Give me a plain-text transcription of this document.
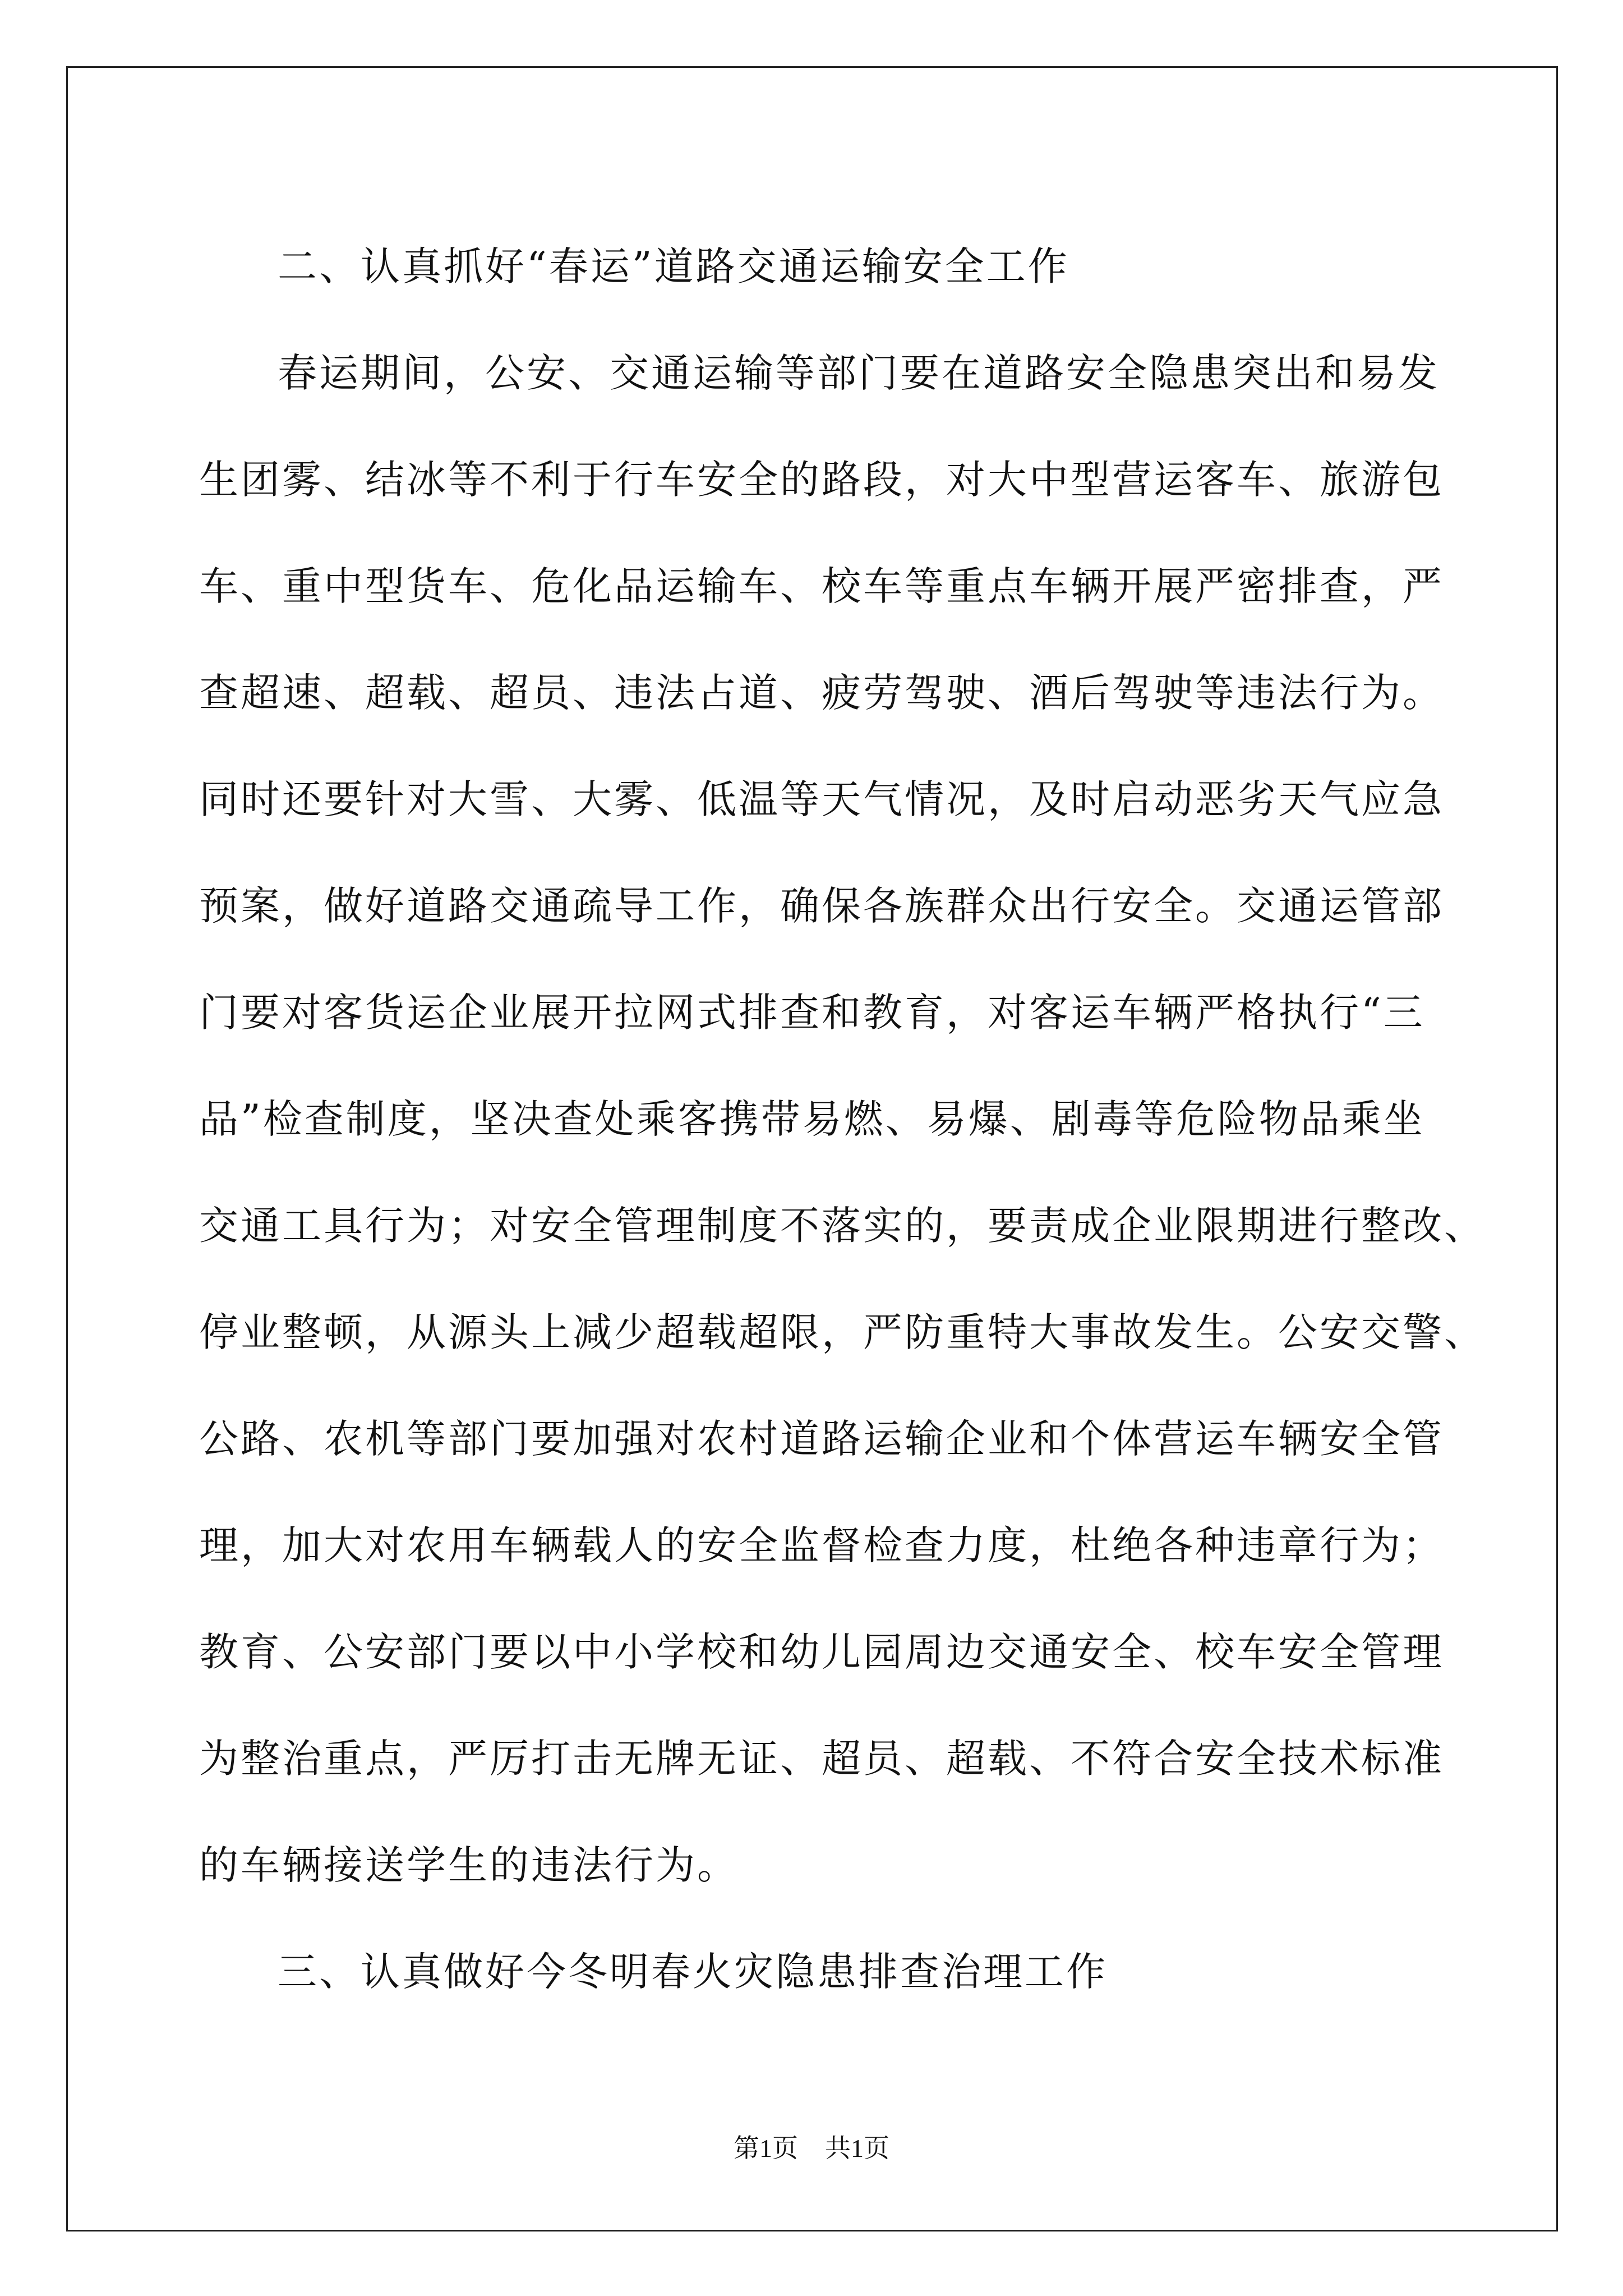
二、认真抓好“春运”道路交通运输安全工作
春运期间，公安、交通运输等部门要在道路安全隐患突出和易发
生团雾、结冰等不利于行车安全的路段，对大中型营运客车、旅游包
车、重中型货车、危化品运输车、校车等重点车辆开展严密排查，严
查超速、超载、超员、违法占道、疲劳驾驶、酒后驾驶等违法行为。
同时还要针对大雪、大雾、低温等天气情况，及时启动恶劣天气应急
预案，做好道路交通疏导工作，确保各族群众出行安全。交通运管部
门要对客货运企业展开拉网式排查和教育，对客运车辆严格执行“三
品”检查制度，坚决查处乘客携带易燃、易爆、剧毒等危险物品乘坐
交通工具行为；对安全管理制度不落实的，要责成企业限期进行整改、
停业整顿，从源头上减少超载超限，严防重特大事故发生。公安交警、
公路、农机等部门要加强对农村道路运输企业和个体营运车辆安全管
理，加大对农用车辆载人的安全监督检查力度，杜绝各种违章行为；
教育、公安部门要以中小学校和幼儿园周边交通安全、校车安全管理
为整治重点，严厉打击无牌无证、超员、超载、不符合安全技术标准
的车辆接送学生的违法行为。
三、认真做好今冬明春火灾隐患排查治理工作
第1页 共1页
